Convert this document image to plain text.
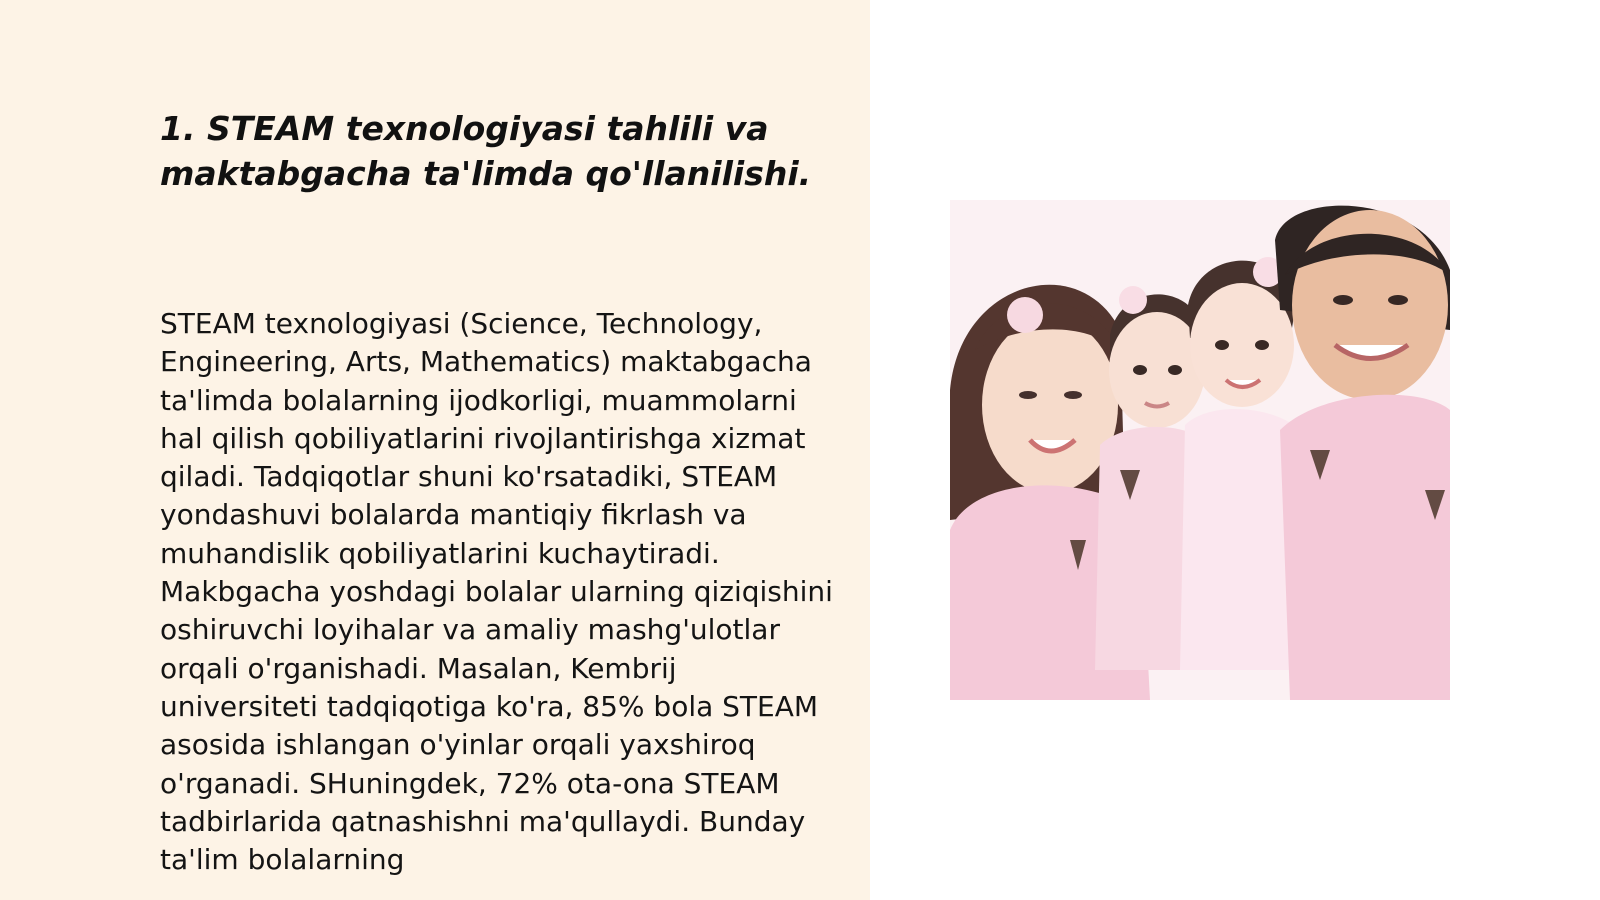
1. STEAM texnologiyasi tahlili va maktabgacha ta'limda qo'llanilishi.

STEAM texnologiyasi (Science, Technology, Engineering, Arts, Mathematics) maktabgacha ta'limda bolalarning ijodkorligi, muammolarni hal qilish qobiliyatlarini rivojlantirishga xizmat qiladi. Tadqiqotlar shuni ko'rsatadiki, STEAM yondashuvi bolalarda mantiqiy fikrlash va muhandislik qobiliyatlarini kuchaytiradi. Makbgacha yoshdagi bolalar ularning qiziqishini oshiruvchi loyihalar va amaliy mashg'ulotlar orqali o'rganishadi. Masalan, Kembrij universiteti tadqiqotiga ko'ra, 85% bola STEAM asosida ishlangan o'yinlar orqali yaxshiroq o'rganadi. SHuningdek, 72% ota-ona STEAM tadbirlarida qatnashishni ma'qullaydi. Bunday ta'lim bolalarning
